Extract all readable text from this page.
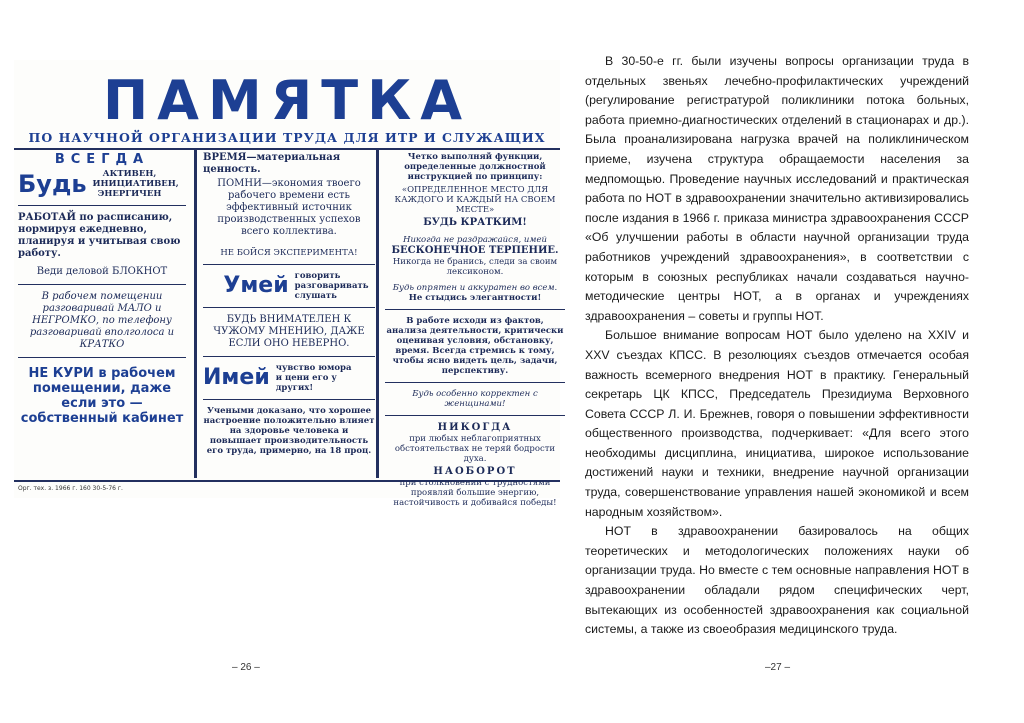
ПАМЯТКА
ПО НАУЧНОЙ ОРГАНИЗАЦИИ ТРУДА ДЛЯ ИТР И СЛУЖАЩИХ
ВСЕГДА
Будь	АКТИВЕН, ИНИЦИАТИВЕН, ЭНЕРГИЧЕН
РАБОТАЙ по расписанию, нормируя ежедневно, планируя и учитывая свою работу.
Веди деловой БЛОКНОТ
В рабочем помещении разговаривай МАЛО и НЕГРОМКО, по телефону разговаривай вполголоса и КРАТКО
НЕ КУРИ в рабочем помещении, даже если это — собственный кабинет
ВРЕМЯ—материальная ценность.
ПОМНИ—экономия твоего рабочего времени есть эффективный источник производственных успехов всего коллектива.
НЕ БОЙСЯ ЭКСПЕРИМЕНТА!
Умей говорить разговаривать слушать
БУДЬ ВНИМАТЕЛЕН К ЧУЖОМУ МНЕНИЮ, ДАЖЕ ЕСЛИ ОНО НЕВЕРНО.
Имей чувство юмора и цени его у других!
Учеными доказано, что хорошее настроение положительно влияет на здоровье человека и повышает производительность его труда, примерно, на 18 проц.
Четко выполняй функции, определенные должностной инструкцией по принципу:
«ОПРЕДЕЛЕННОЕ МЕСТО ДЛЯ КАЖДОГО И КАЖДЫЙ НА СВОЕМ МЕСТЕ»
БУДЬ КРАТКИМ!
Никогда не раздражайся, имей
БЕСКОНЕЧНОЕ ТЕРПЕНИЕ.
Никогда не бранись, следи за своим лексиконом.
Будь опрятен и аккуратен во всем.
Не стыдись элегантности!
В работе исходи из фактов, анализа деятельности, критически оценивая условия, обстановку, время. Всегда стремись к тому, чтобы ясно видеть цель, задачи, перспективу.
Будь особенно корректен с женщинами!
НИКОГДА
при любых неблагоприятных обстоятельствах не теряй бодрости духа.
НАОБОРОТ
при столкновении с трудностями проявляй большие энергию, настойчивость и добивайся победы!
Орг. тех. з. 1966 г. 160 30-5-76 г.

В 30-50-е гг. были изучены вопросы организации труда в отдельных звеньях лечебно-профилактических учреждений (регулирование регистратурой поликлиники потока больных, работа приемно-диагностических отделений в стационарах и др.). Была проанализирована нагрузка врачей на поликлиническом приеме, изучена структура обращаемости населения за медпомощью. Проведение научных исследований и практическая работа по НОТ в здравоохранении значительно активизировались после издания в 1966 г. приказа министра здравоохранения СССР «Об улучшении работы в области научной организации труда работников учреждений здравоохранения», в соответствии с которым в союзных республиках начали создаваться научно-методические центры НОТ, а в органах и учреждениях здравоохранения – советы и группы НОТ.

Большое внимание вопросам НОТ было уделено на XXIV и XXV съездах КПСС. В резолюциях съездов отмечается особая важность всемерного внедрения НОТ в практику. Генеральный секретарь ЦК КПСС, Председатель Президиума Верховного Совета СССР Л. И. Брежнев, говоря о повышении эффективности общественного производства, подчеркивает: «Для всего этого необходимы дисциплина, инициатива, широкое использование достижений науки и техники, внедрение научной организации труда, совершенствование управления нашей экономикой и всем народным хозяйством».

НОТ в здравоохранении базировалось на общих теоретических и методологических положениях науки об организации труда. Но вместе с тем основные направления НОТ в здравоохранении обладали рядом специфических черт, вытекающих из особенностей здравоохранения как социальной системы, а также из своеобразия медицинского труда.

– 26 –	–27 –
